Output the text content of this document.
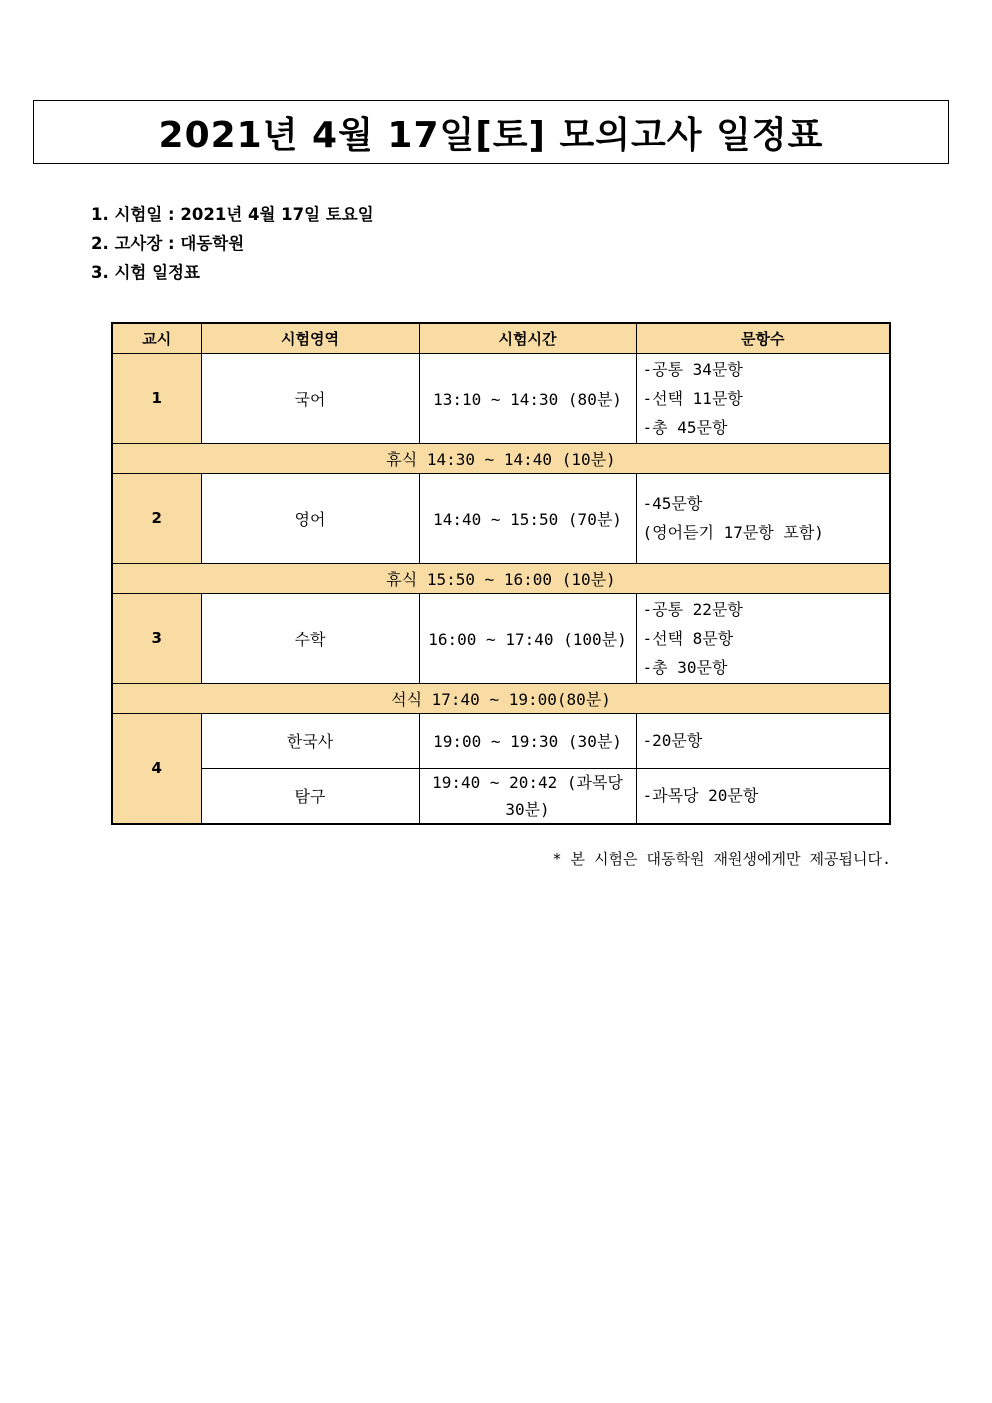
2021년 4월 17일[토] 모의고사 일정표
1. 시험일 : 2021년 4월 17일 토요일
2. 고사장 : 대동학원
3. 시험 일정표
교시	시험영역	시험시간	문항수
1	국어	13:10 ~ 14:30 (80분)	-공통 34문항
-선택 11문항
-총 45문항

휴식 14:30 ~ 14:40 (10분)			
2	영어	14:40 ~ 15:50 (70분)	-45문항
(영어듣기 17문항 포함)

휴식 15:50 ~ 16:00 (10분)			
3	수학	16:00 ~ 17:40 (100분)	-공통 22문항
-선택 8문항
-총 30문항

석식 17:40 ~ 19:00(80분)			
4	한국사	19:00 ~ 19:30 (30분)	-20문항
	탐구	19:40 ~ 20:42 (과목당 30분)	-과목당 20문항
* 본 시험은 대동학원 재원생에게만 제공됩니다.
